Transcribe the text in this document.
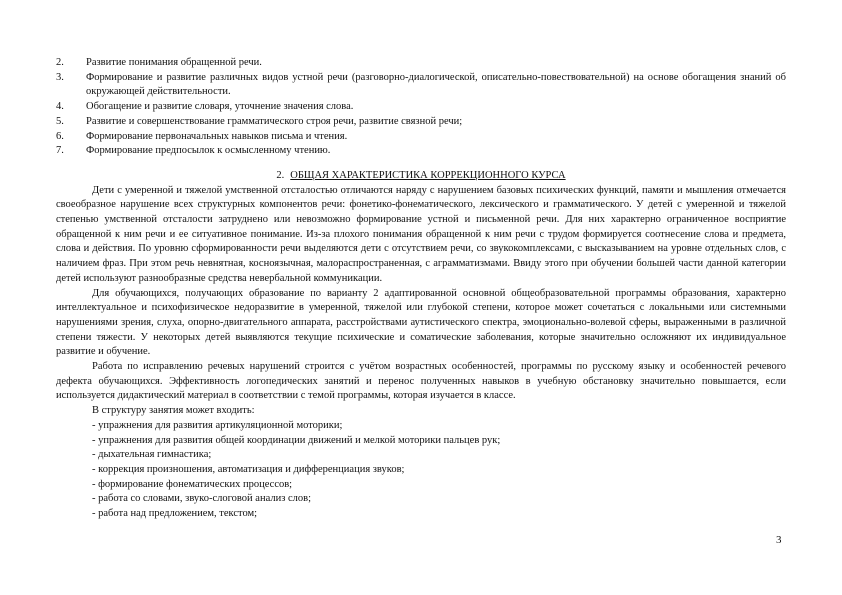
2.	Развитие понимания обращенной речи.
3.	Формирование и развитие различных видов устной речи (разговорно-диалогической, описательно-повествовательной) на основе обогащения знаний об окружающей действительности.
4.	Обогащение и развитие словаря, уточнение значения слова.
5.	Развитие и совершенствование грамматического строя речи, развитие связной речи;
6.	Формирование первоначальных навыков письма и чтения.
7.	Формирование предпосылок к осмысленному чтению.
2. ОБЩАЯ ХАРАКТЕРИСТИКА КОРРЕКЦИОННОГО КУРСА

Дети с умеренной и тяжелой умственной отсталостью отличаются наряду с нарушением базовых психических функций, памяти и мышления отмечается своеобразное нарушение всех структурных компонентов речи: фонетико-фонематического, лексического и грамматического. У детей с умеренной и тяжелой степенью умственной отсталости затруднено или невозможно формирование устной и письменной речи. Для них характерно ограниченное восприятие обращенной к ним речи и ее ситуативное понимание. Из-за плохого понимания обращенной к ним речи с трудом формируется соотнесение слова и предмета, слова и действия. По уровню сформированности речи выделяются дети с отсутствием речи, со звукокомплексами, с высказыванием на уровне отдельных слов, с наличием фраз. При этом речь невнятная, косноязычная, малораспространенная, с аграмматизмами. Ввиду этого при обучении большей части данной категории детей используют разнообразные средства невербальной коммуникации.

Для обучающихся, получающих образование по варианту 2 адаптированной основной общеобразовательной программы образования, характерно интеллектуальное и психофизическое недоразвитие в умеренной, тяжелой или глубокой степени, которое может сочетаться с локальными или системными нарушениями зрения, слуха, опорно-двигательного аппарата, расстройствами аутистического спектра, эмоционально-волевой сферы, выраженными в различной степени тяжести. У некоторых детей выявляются текущие психические и соматические заболевания, которые значительно осложняют их индивидуальное развитие и обучение.

Работа по исправлению речевых нарушений строится с учётом возрастных особенностей, программы по русскому языку и особенностей речевого дефекта обучающихся. Эффективность логопедических занятий и перенос полученных навыков в учебную обстановку значительно повышается, если используется дидактический материал в соответствии с темой программы, которая изучается в классе.

В структуру занятия может входить:

- упражнения для развития артикуляционной моторики;
- упражнения для развития общей координации движений и мелкой моторики пальцев рук;
- дыхательная гимнастика;
- коррекция произношения, автоматизация и дифференциация звуков;
- формирование фонематических процессов;
- работа со словами, звуко-слоговой анализ слов;
- работа над предложением, текстом;
3
